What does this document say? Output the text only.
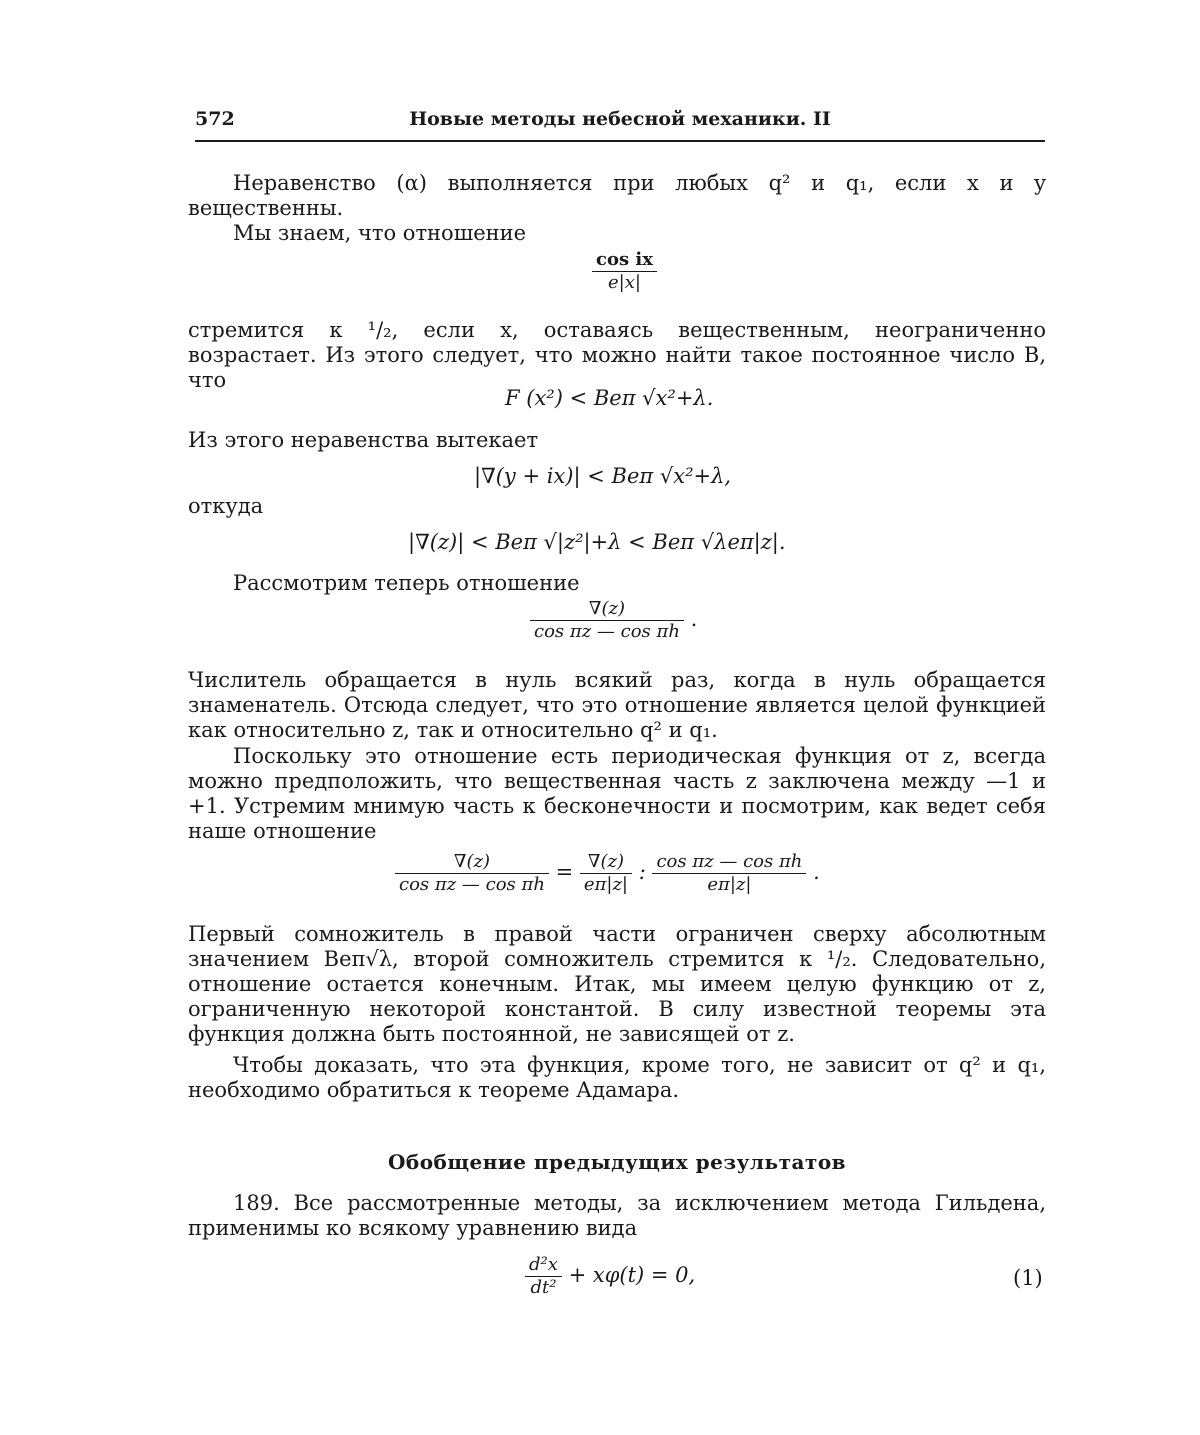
572	Новые методы небесной механики. II
Неравенство (α) выполняется при любых q² и q₁, если x и y вещественны.
Мы знаем, что отношение
$\frac{\text{cos ix}}{e|x|}$
стремится к ¹/₂, если x, оставаясь вещественным, неограниченно возрастает. Из этого следует, что можно найти такое постоянное число B, что
F (x²) < Beπ √x²+λ.
Из этого неравенства вытекает
|∇(y + ix)| < Beπ √x²+λ,
откуда
|∇(z)| < Beπ √|z²|+λ < Beπ √λeπ|z|.
Рассмотрим теперь отношение
$\frac{\nabla(z)}{\text{cos πz — cos πh}}$ .
Числитель обращается в нуль всякий раз, когда в нуль обращается знаменатель. Отсюда следует, что это отношение является целой функцией как относительно z, так и относительно q² и q₁.
Поскольку это отношение есть периодическая функция от z, всегда можно предположить, что вещественная часть z заключена между —1 и +1. Устремим мнимую часть к бесконечности и посмотрим, как ведет себя наше отношение
$\frac{\nabla(z)}{\text{cos πz — cos πh}} = \frac{\nabla(z)}{e\pi|z|}$ : $\frac{\text{cos πz — cos πh}}{e\pi|z|}$ .
Первый сомножитель в правой части ограничен сверху абсолютным значением Beπ√λ, второй сомножитель стремится к ¹/₂. Следовательно, отношение остается конечным. Итак, мы имеем целую функцию от z, ограниченную некоторой константой. В силу известной теоремы эта функция должна быть постоянной, не зависящей от z.
Чтобы доказать, что эта функция, кроме того, не зависит от q² и q₁, необходимо обратиться к теореме Адамара.
Обобщение предыдущих результатов
189. Все рассмотренные методы, за исключением метода Гильдена, применимы ко всякому уравнению вида
$\frac{\text{d²x}}{\text{dt²}} + x\varphi(t) = 0$,	(1)
